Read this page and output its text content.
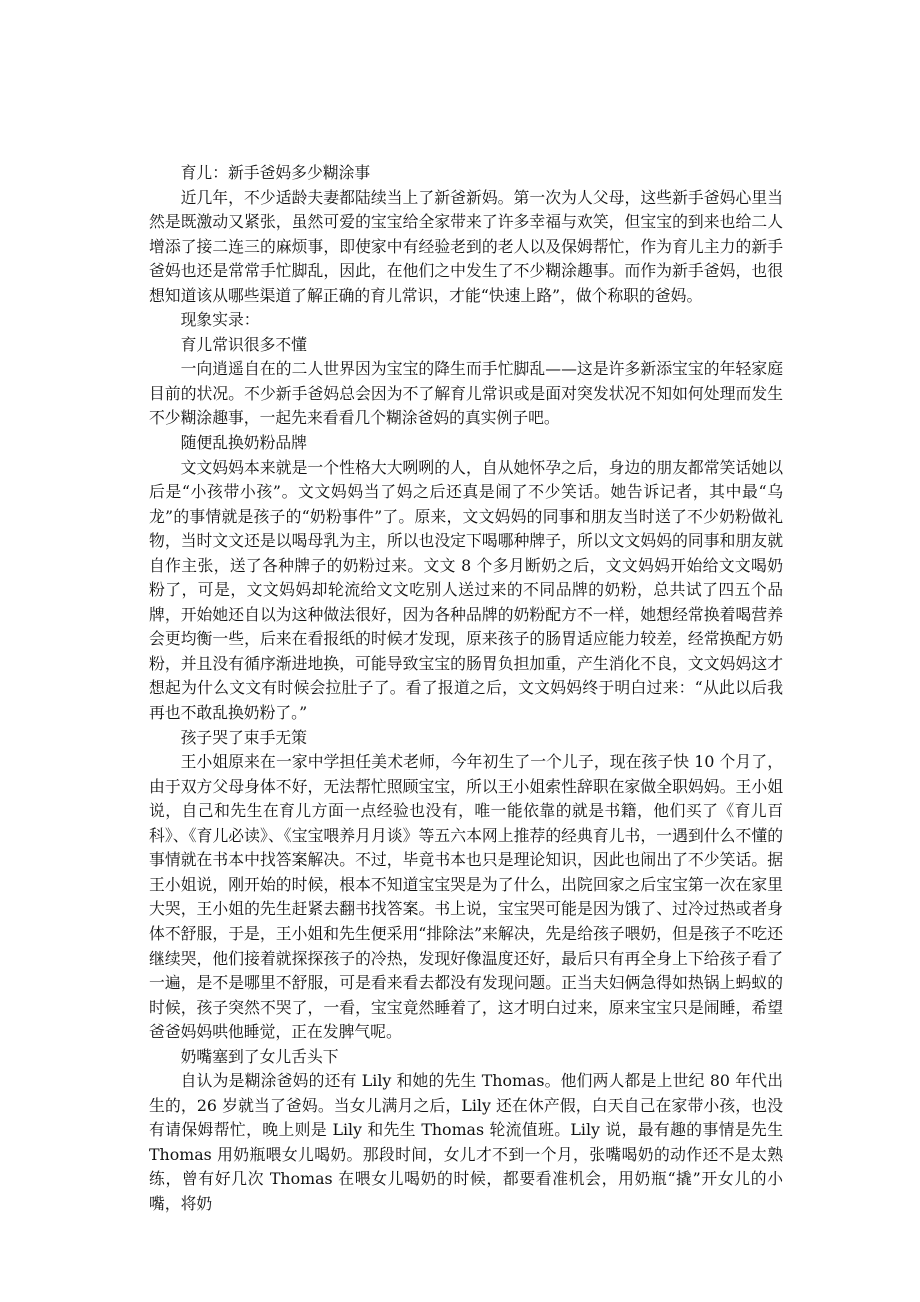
育儿：新手爸妈多少糊涂事

近几年，不少适龄夫妻都陆续当上了新爸新妈。第一次为人父母，这些新手爸妈心里当然是既激动又紧张，虽然可爱的宝宝给全家带来了许多幸福与欢笑，但宝宝的到来也给二人增添了接二连三的麻烦事，即使家中有经验老到的老人以及保姆帮忙，作为育儿主力的新手爸妈也还是常常手忙脚乱，因此，在他们之中发生了不少糊涂趣事。而作为新手爸妈，也很想知道该从哪些渠道了解正确的育儿常识，才能“快速上路”，做个称职的爸妈。

现象实录：

育儿常识很多不懂

一向逍遥自在的二人世界因为宝宝的降生而手忙脚乱——这是许多新添宝宝的年轻家庭目前的状况。不少新手爸妈总会因为不了解育儿常识或是面对突发状况不知如何处理而发生不少糊涂趣事，一起先来看看几个糊涂爸妈的真实例子吧。

随便乱换奶粉品牌

文文妈妈本来就是一个性格大大咧咧的人，自从她怀孕之后，身边的朋友都常笑话她以后是“小孩带小孩”。文文妈妈当了妈之后还真是闹了不少笑话。她告诉记者，其中最“乌龙”的事情就是孩子的“奶粉事件”了。原来，文文妈妈的同事和朋友当时送了不少奶粉做礼物，当时文文还是以喝母乳为主，所以也没定下喝哪种牌子，所以文文妈妈的同事和朋友就自作主张，送了各种牌子的奶粉过来。文文 8 个多月断奶之后，文文妈妈开始给文文喝奶粉了，可是，文文妈妈却轮流给文文吃别人送过来的不同品牌的奶粉，总共试了四五个品牌，开始她还自以为这种做法很好，因为各种品牌的奶粉配方不一样，她想经常换着喝营养会更均衡一些，后来在看报纸的时候才发现，原来孩子的肠胃适应能力较差，经常换配方奶粉，并且没有循序渐进地换，可能导致宝宝的肠胃负担加重，产生消化不良，文文妈妈这才想起为什么文文有时候会拉肚子了。看了报道之后，文文妈妈终于明白过来：“从此以后我再也不敢乱换奶粉了。”

孩子哭了束手无策

王小姐原来在一家中学担任美术老师，今年初生了一个儿子，现在孩子快 10 个月了，由于双方父母身体不好，无法帮忙照顾宝宝，所以王小姐索性辞职在家做全职妈妈。王小姐说，自己和先生在育儿方面一点经验也没有，唯一能依靠的就是书籍，他们买了《育儿百科》、《育儿必读》、《宝宝喂养月月谈》等五六本网上推荐的经典育儿书，一遇到什么不懂的事情就在书本中找答案解决。不过，毕竟书本也只是理论知识，因此也闹出了不少笑话。据王小姐说，刚开始的时候，根本不知道宝宝哭是为了什么，出院回家之后宝宝第一次在家里大哭，王小姐的先生赶紧去翻书找答案。书上说，宝宝哭可能是因为饿了、过冷过热或者身体不舒服，于是，王小姐和先生便采用“排除法”来解决，先是给孩子喂奶，但是孩子不吃还继续哭，他们接着就探探孩子的冷热，发现好像温度还好，最后只有再全身上下给孩子看了一遍，是不是哪里不舒服，可是看来看去都没有发现问题。正当夫妇俩急得如热锅上蚂蚁的时候，孩子突然不哭了，一看，宝宝竟然睡着了，这才明白过来，原来宝宝只是闹睡，希望爸爸妈妈哄他睡觉，正在发脾气呢。

奶嘴塞到了女儿舌头下

自认为是糊涂爸妈的还有 Lily 和她的先生 Thomas。他们两人都是上世纪 80 年代出生的，26 岁就当了爸妈。当女儿满月之后，Lily 还在休产假，白天自己在家带小孩，也没有请保姆帮忙，晚上则是 Lily 和先生 Thomas 轮流值班。Lily 说，最有趣的事情是先生 Thomas 用奶瓶喂女儿喝奶。那段时间，女儿才不到一个月，张嘴喝奶的动作还不是太熟练，曾有好几次 Thomas 在喂女儿喝奶的时候，都要看准机会，用奶瓶“撬”开女儿的小嘴，将奶
